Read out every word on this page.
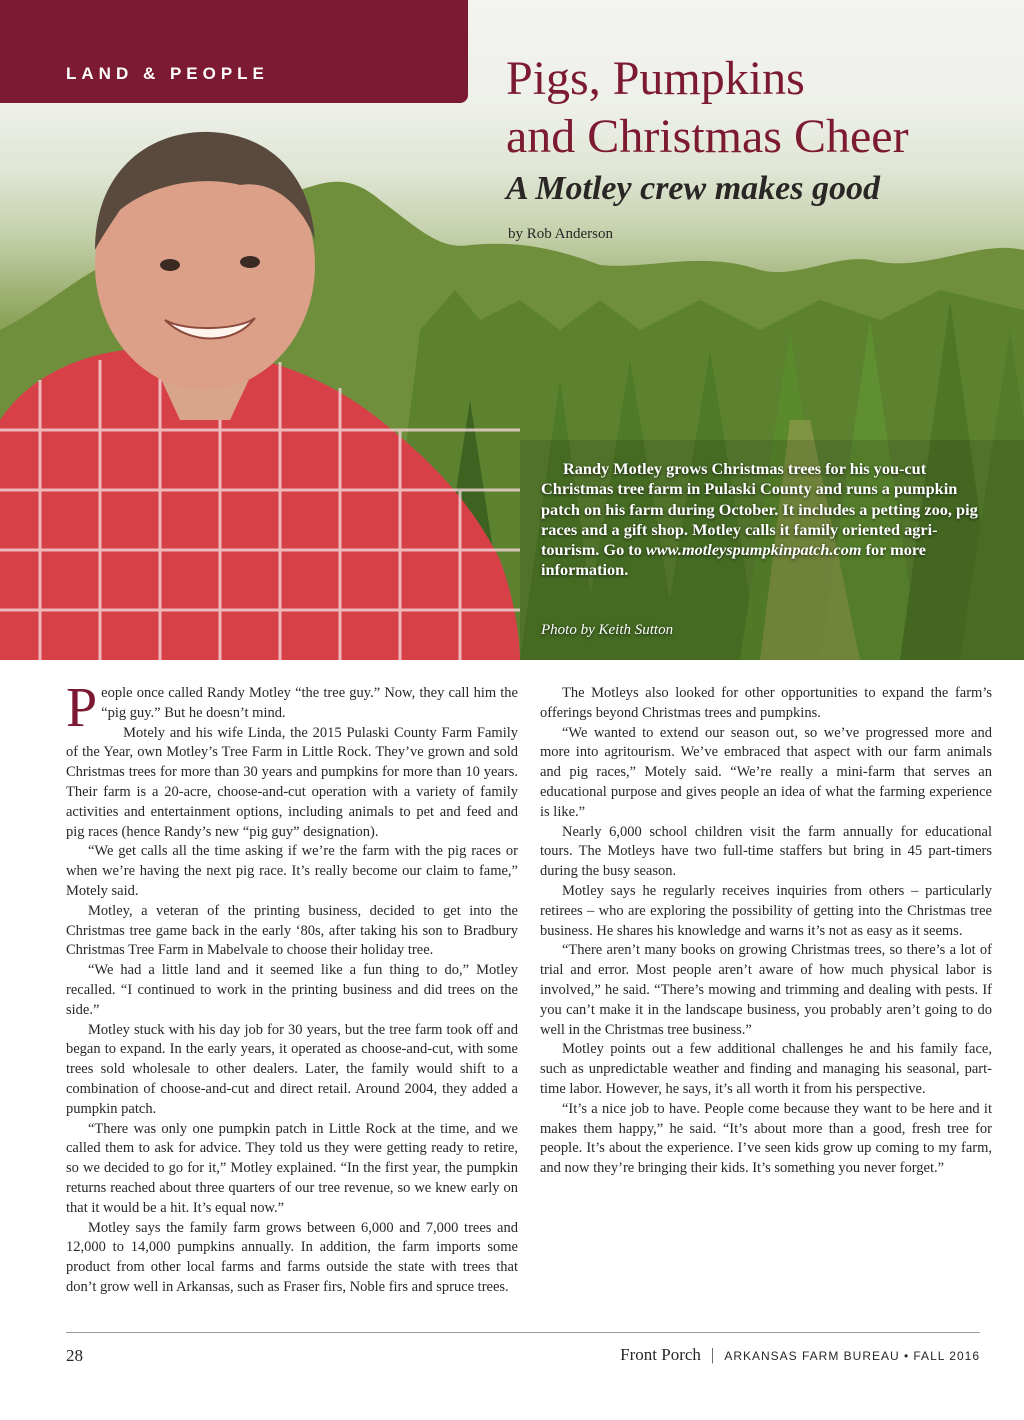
LAND & PEOPLE	Pigs, Pumpkins
and Christmas Cheer
A Motley crew makes good
by Rob Anderson

Randy Motley grows Christmas trees for his you-cut Christmas tree farm in Pulaski County and runs a pumpkin patch on his farm during October. It includes a petting zoo, pig races and a gift shop. Motley calls it family oriented agri-tourism. Go to www.motleyspumpkinpatch.com for more information.

Photo by Keith Sutton

People once called Randy Motley “the tree guy.” Now, they call him the “pig guy.” But he doesn’t mind.

Motely and his wife Linda, the 2015 Pulaski County Farm Family of the Year, own Motley’s Tree Farm in Little Rock. They’ve grown and sold Christmas trees for more than 30 years and pumpkins for more than 10 years. Their farm is a 20-acre, choose-and-cut operation with a variety of family activities and entertainment options, including animals to pet and feed and pig races (hence Randy’s new “pig guy” designation).

“We get calls all the time asking if we’re the farm with the pig races or when we’re having the next pig race. It’s really become our claim to fame,” Motely said.

Motley, a veteran of the printing business, decided to get into the Christmas tree game back in the early ‘80s, after taking his son to Bradbury Christmas Tree Farm in Mabelvale to choose their holiday tree.

“We had a little land and it seemed like a fun thing to do,” Motley recalled. “I continued to work in the printing business and did trees on the side.”

Motley stuck with his day job for 30 years, but the tree farm took off and began to expand. In the early years, it operated as choose-and-cut, with some trees sold wholesale to other dealers. Later, the family would shift to a combination of choose-and-cut and direct retail. Around 2004, they added a pumpkin patch.

“There was only one pumpkin patch in Little Rock at the time, and we called them to ask for advice. They told us they were getting ready to retire, so we decided to go for it,” Motley explained. “In the first year, the pumpkin returns reached about three quarters of our tree revenue, so we knew early on that it would be a hit. It’s equal now.”

Motley says the family farm grows between 6,000 and 7,000 trees and 12,000 to 14,000 pumpkins annually. In addition, the farm imports some product from other local farms and farms outside the state with trees that don’t grow well in Arkansas, such as Fraser firs, Noble firs and spruce trees.

The Motleys also looked for other opportunities to expand the farm’s offerings beyond Christmas trees and pumpkins.

“We wanted to extend our season out, so we’ve progressed more and more into agritourism. We’ve embraced that aspect with our farm animals and pig races,” Motely said. “We’re really a mini-farm that serves an educational purpose and gives people an idea of what the farming experience is like.”

Nearly 6,000 school children visit the farm annually for educational tours. The Motleys have two full-time staffers but bring in 45 part-timers during the busy season.

Motley says he regularly receives inquiries from others – particularly retirees – who are exploring the possibility of getting into the Christmas tree business. He shares his knowledge and warns it’s not as easy as it seems.

“There aren’t many books on growing Christmas trees, so there’s a lot of trial and error. Most people aren’t aware of how much physical labor is involved,” he said. “There’s mowing and trimming and dealing with pests. If you can’t make it in the landscape business, you probably aren’t going to do well in the Christmas tree business.”

Motley points out a few additional challenges he and his family face, such as unpredictable weather and finding and managing his seasonal, part-time labor. However, he says, it’s all worth it from his perspective.

“It’s a nice job to have. People come because they want to be here and it makes them happy,” he said. “It’s about more than a good, fresh tree for people. It’s about the experience. I’ve seen kids grow up coming to my farm, and now they’re bringing their kids. It’s something you never forget.”

28	Front Porch | ARKANSAS FARM BUREAU • FALL 2016
